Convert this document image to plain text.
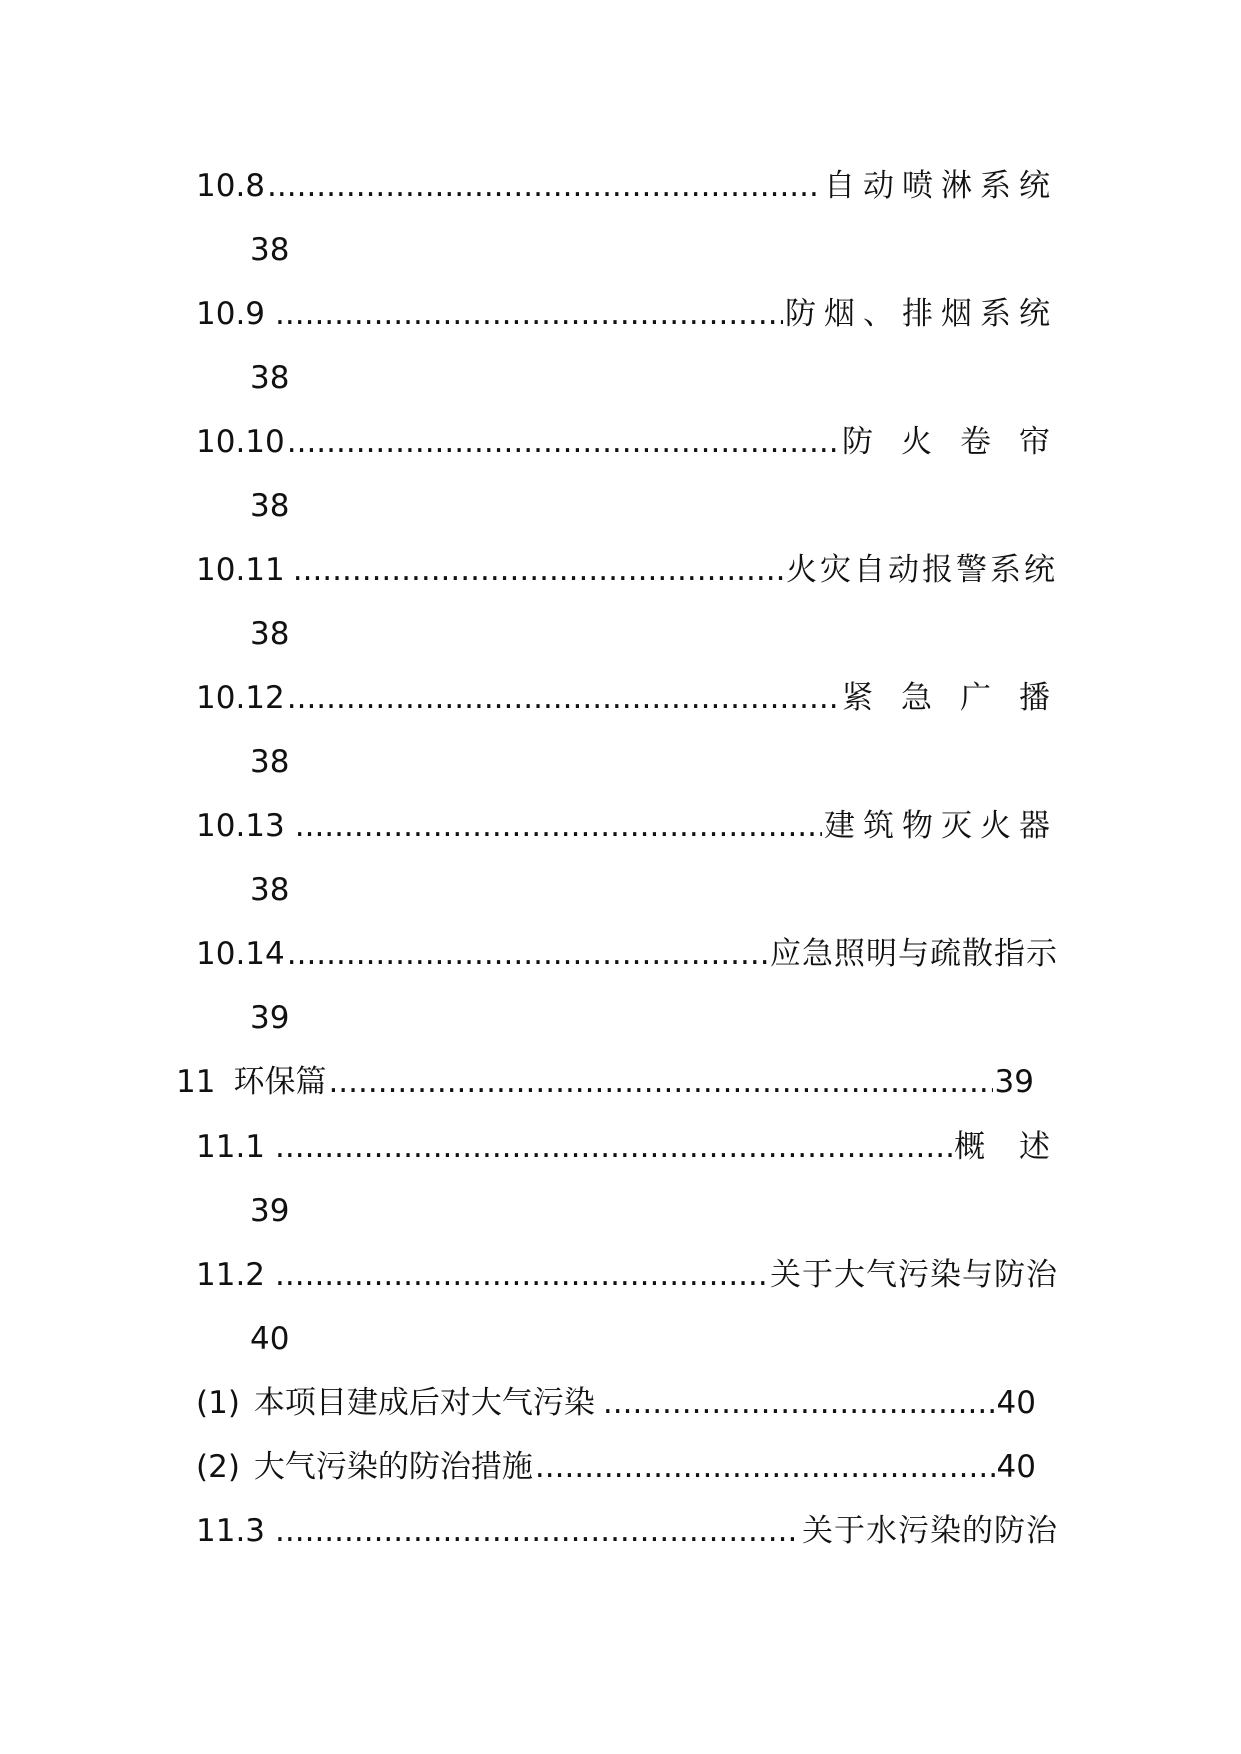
10.8 .....	自动喷淋系统
38
10.9 .....	防烟、排烟系统
38
10.10 .....	防火卷帘
38
10.11 .....	火灾自动报警系统
38
10.12 .....	紧急广播
38
10.13 .....	建筑物灭火器
38
10.14 .....	应急照明与疏散指示
39
11 环保篇 .....	39
11.1 .....	概 述
39
11.2 .....	关于大气污染与防治
40
(1) 本项目建成后对大气污染 .....	40
(2) 大气污染的防治措施 .....	40
11.3 .....	关于水污染的防治
